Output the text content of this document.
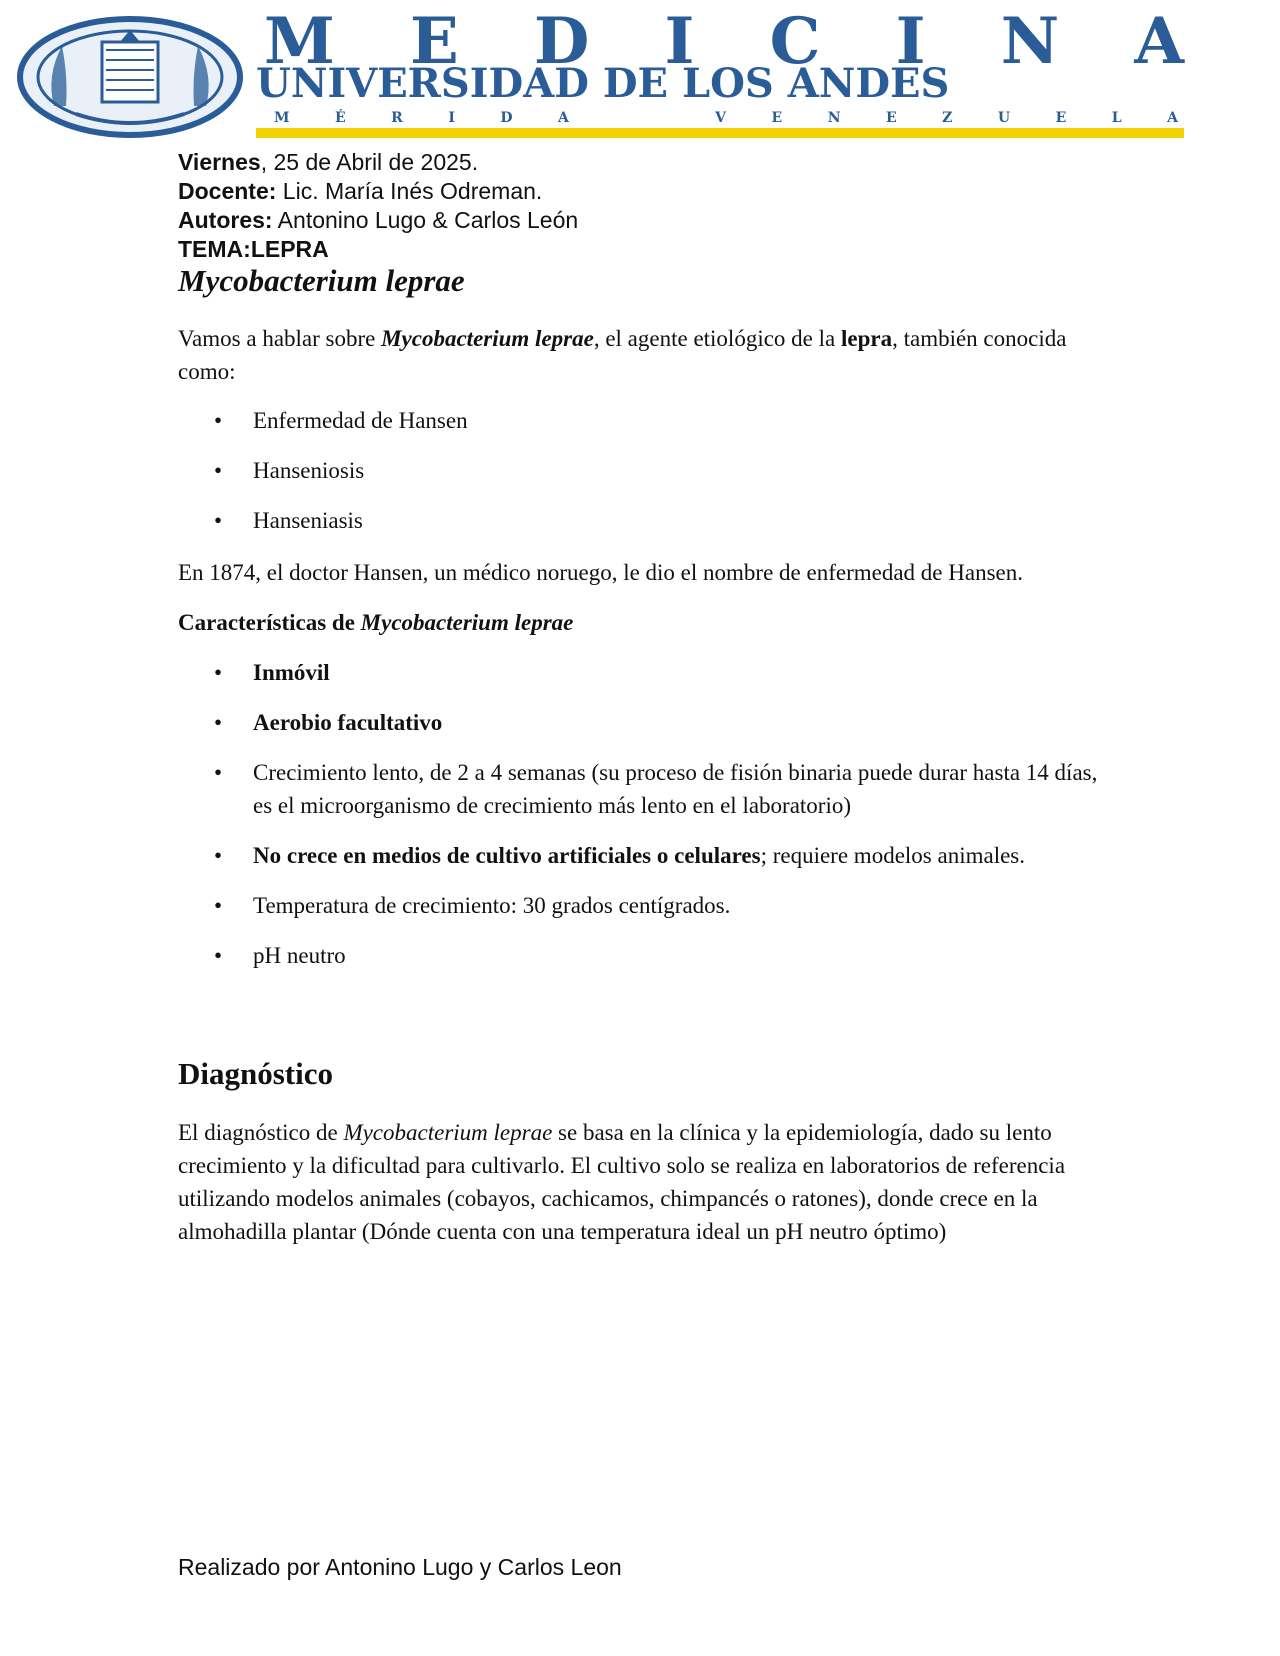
M E D I C I N A
UNIVERSIDAD DE LOS ANDES
M	É	R	I	D	A

	V	E	N	E	Z	U	E	L	A
Viernes, 25 de Abril de 2025.
Docente: Lic. María Inés Odreman.
Autores: Antonino Lugo & Carlos León
TEMA:LEPRA
Mycobacterium leprae
Vamos a hablar sobre Mycobacterium leprae, el agente etiológico de la lepra, también conocida como:
• Enfermedad de Hansen
• Hanseniosis
• Hanseniasis
En 1874, el doctor Hansen, un médico noruego, le dio el nombre de enfermedad de Hansen.
Características de Mycobacterium leprae
• Inmóvil
• Aerobio facultativo
• Crecimiento lento, de 2 a 4 semanas (su proceso de fisión binaria puede durar hasta 14 días, es el microorganismo de crecimiento más lento en el laboratorio)
• No crece en medios de cultivo artificiales o celulares; requiere modelos animales.
• Temperatura de crecimiento: 30 grados centígrados.
• pH neutro
Diagnóstico
El diagnóstico de Mycobacterium leprae se basa en la clínica y la epidemiología, dado su lento crecimiento y la dificultad para cultivarlo. El cultivo solo se realiza en laboratorios de referencia utilizando modelos animales (cobayos, cachicamos, chimpancés o ratones), donde crece en la almohadilla plantar (Dónde cuenta con una temperatura ideal un pH neutro óptimo)
Realizado por Antonino Lugo y Carlos Leon
